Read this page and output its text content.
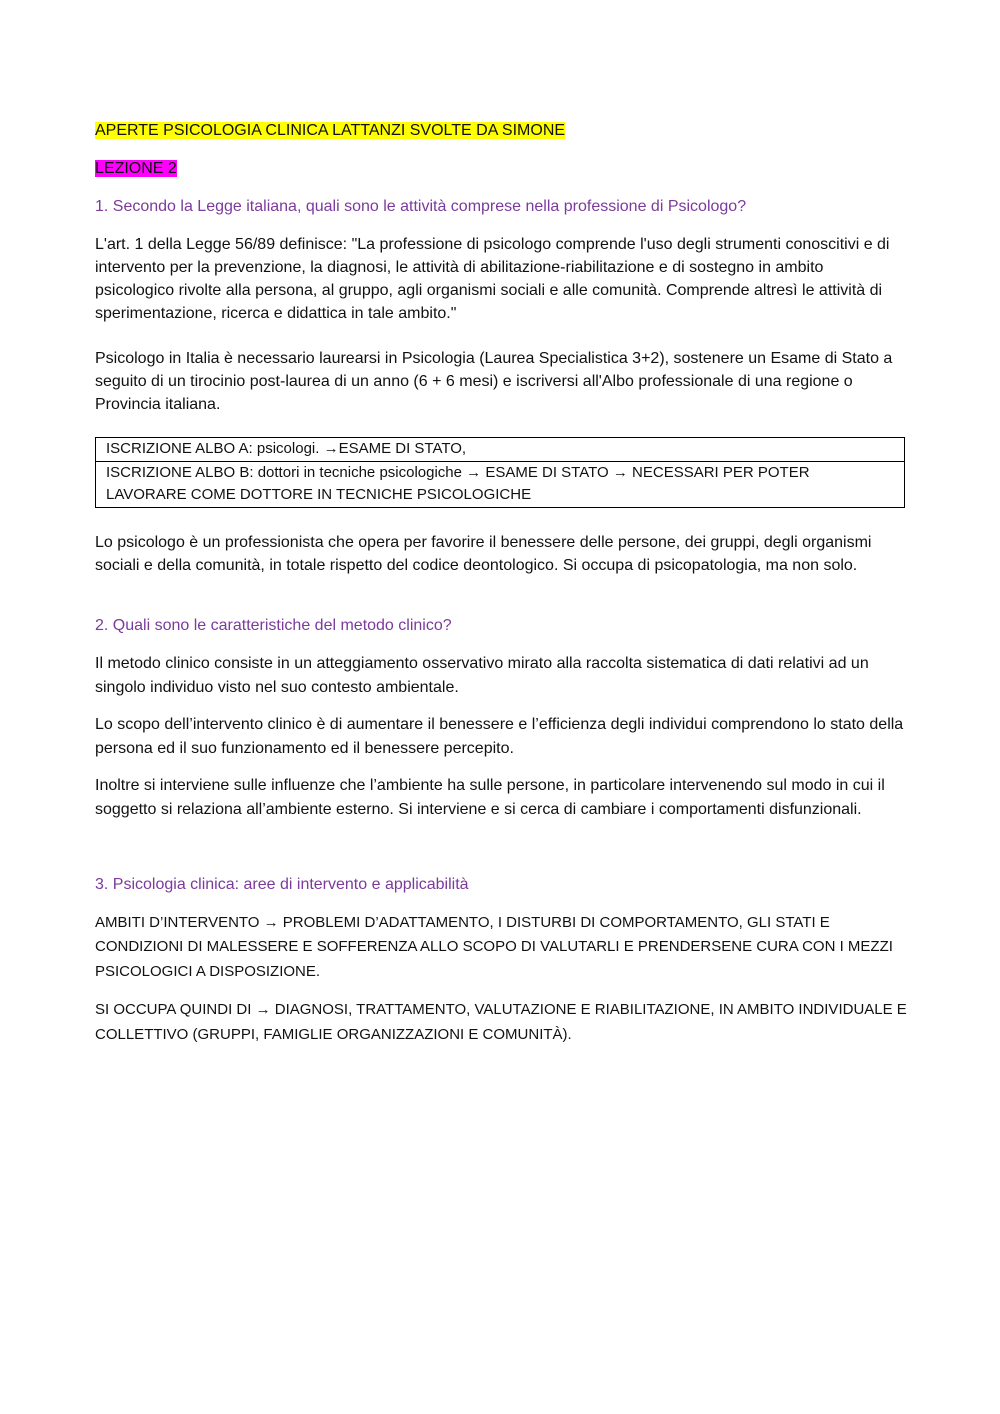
APERTE PSICOLOGIA CLINICA LATTANZI SVOLTE DA SIMONE
LEZIONE 2
1. Secondo la Legge italiana, quali sono le attività comprese nella professione di Psicologo?

L'art. 1 della Legge 56/89 definisce: "La professione di psicologo comprende l'uso degli strumenti conoscitivi e di intervento per la prevenzione, la diagnosi, le attività di abilitazione-riabilitazione e di sostegno in ambito psicologico rivolte alla persona, al gruppo, agli organismi sociali e alle comunità. Comprende altresì le attività di sperimentazione, ricerca e didattica in tale ambito."

Psicologo in Italia è necessario laurearsi in Psicologia (Laurea Specialistica 3+2), sostenere un Esame di Stato a seguito di un tirocinio post-laurea di un anno (6 + 6 mesi) e iscriversi all'Albo professionale di una regione o Provincia italiana.

ISCRIZIONE ALBO A: psicologi. →ESAME DI STATO,
ISCRIZIONE ALBO B: dottori in tecniche psicologiche → ESAME DI STATO → NECESSARI PER POTER LAVORARE COME DOTTORE IN TECNICHE PSICOLOGICHE

Lo psicologo è un professionista che opera per favorire il benessere delle persone, dei gruppi, degli organismi sociali e della comunità, in totale rispetto del codice deontologico. Si occupa di psicopatologia, ma non solo.

2. Quali sono le caratteristiche del metodo clinico?

Il metodo clinico consiste in un atteggiamento osservativo mirato alla raccolta sistematica di dati relativi ad un singolo individuo visto nel suo contesto ambientale.

Lo scopo dell’intervento clinico è di aumentare il benessere e l’efficienza degli individui comprendono lo stato della persona ed il suo funzionamento ed il benessere percepito.

Inoltre si interviene sulle influenze che l’ambiente ha sulle persone, in particolare intervenendo sul modo in cui il soggetto si relaziona all’ambiente esterno. Si interviene e si cerca di cambiare i comportamenti disfunzionali.

3. Psicologia clinica: aree di intervento e applicabilità

AMBITI D’INTERVENTO → PROBLEMI D’ADATTAMENTO, I DISTURBI DI COMPORTAMENTO, GLI STATI E CONDIZIONI DI MALESSERE E SOFFERENZA ALLO SCOPO DI VALUTARLI E PRENDERSENE CURA CON I MEZZI PSICOLOGICI A DISPOSIZIONE.

SI OCCUPA QUINDI DI → DIAGNOSI, TRATTAMENTO, VALUTAZIONE E RIABILITAZIONE, IN AMBITO INDIVIDUALE E COLLETTIVO (GRUPPI, FAMIGLIE ORGANIZZAZIONI E COMUNITÀ).
